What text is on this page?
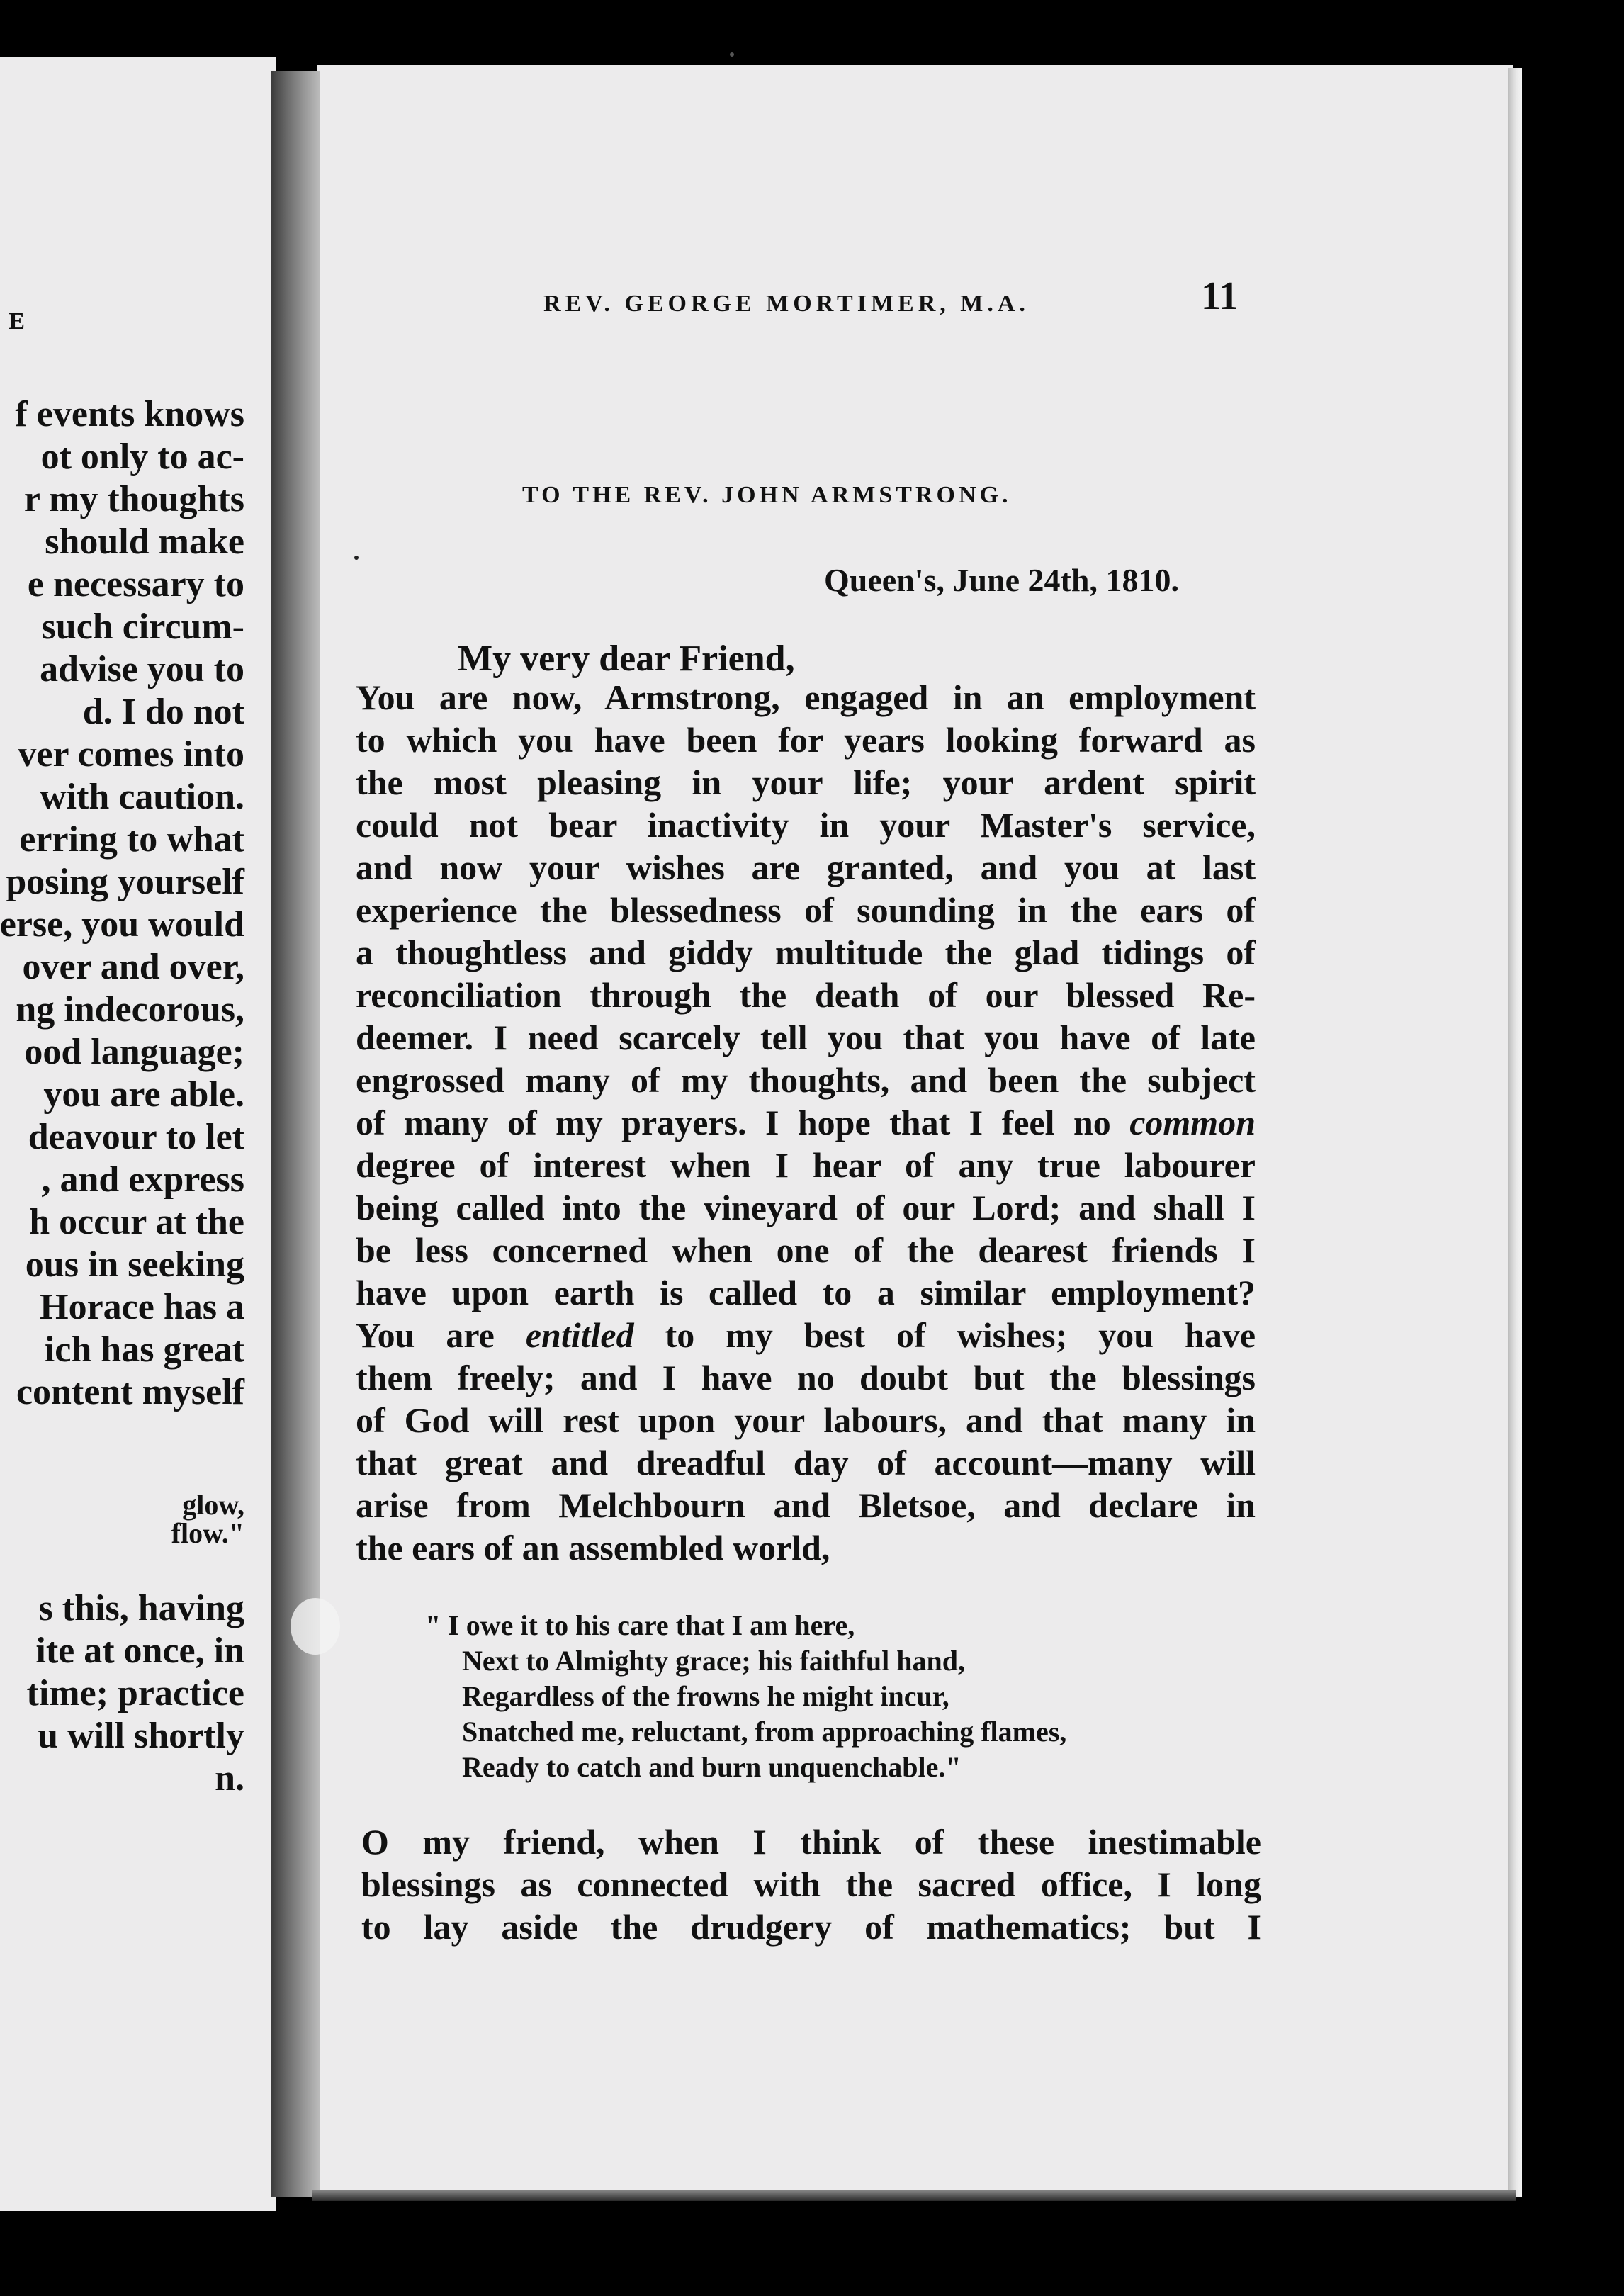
E
f events knows
ot only to ac-
r my thoughts
should make
e necessary to
such circum-
advise you to
d. I do not
ver comes into
with caution.
erring to what
posing yourself
erse, you would
over and over,
ng indecorous,
ood language;
you are able.
deavour to let
, and express
h occur at the
ous in seeking
Horace has a
ich has great
content myself
glow,
flow."
s this, having
ite at once, in
time; practice
u will shortly
n.
REV. GEORGE MORTIMER, M.A.	11
TO THE REV. JOHN ARMSTRONG.
Queen's, June 24th, 1810.
My very dear Friend,
You are now, Armstrong, engaged in an employment
to which you have been for years looking forward as
the most pleasing in your life; your ardent spirit
could not bear inactivity in your Master's service,
and now your wishes are granted, and you at last
experience the blessedness of sounding in the ears of
a thoughtless and giddy multitude the glad tidings of
reconciliation through the death of our blessed Re-
deemer. I need scarcely tell you that you have of late
engrossed many of my thoughts, and been the subject
of many of my prayers. I hope that I feel no common
degree of interest when I hear of any true labourer
being called into the vineyard of our Lord; and shall I
be less concerned when one of the dearest friends I
have upon earth is called to a similar employment?
You are entitled to my best of wishes; you have
them freely; and I have no doubt but the blessings
of God will rest upon your labours, and that many in
that great and dreadful day of account—many will
arise from Melchbourn and Bletsoe, and declare in
the ears of an assembled world,
" I owe it to his care that I am here,
Next to Almighty grace; his faithful hand,
Regardless of the frowns he might incur,
Snatched me, reluctant, from approaching flames,
Ready to catch and burn unquenchable."
O my friend, when I think of these inestimable
blessings as connected with the sacred office, I long
to lay aside the drudgery of mathematics; but I
